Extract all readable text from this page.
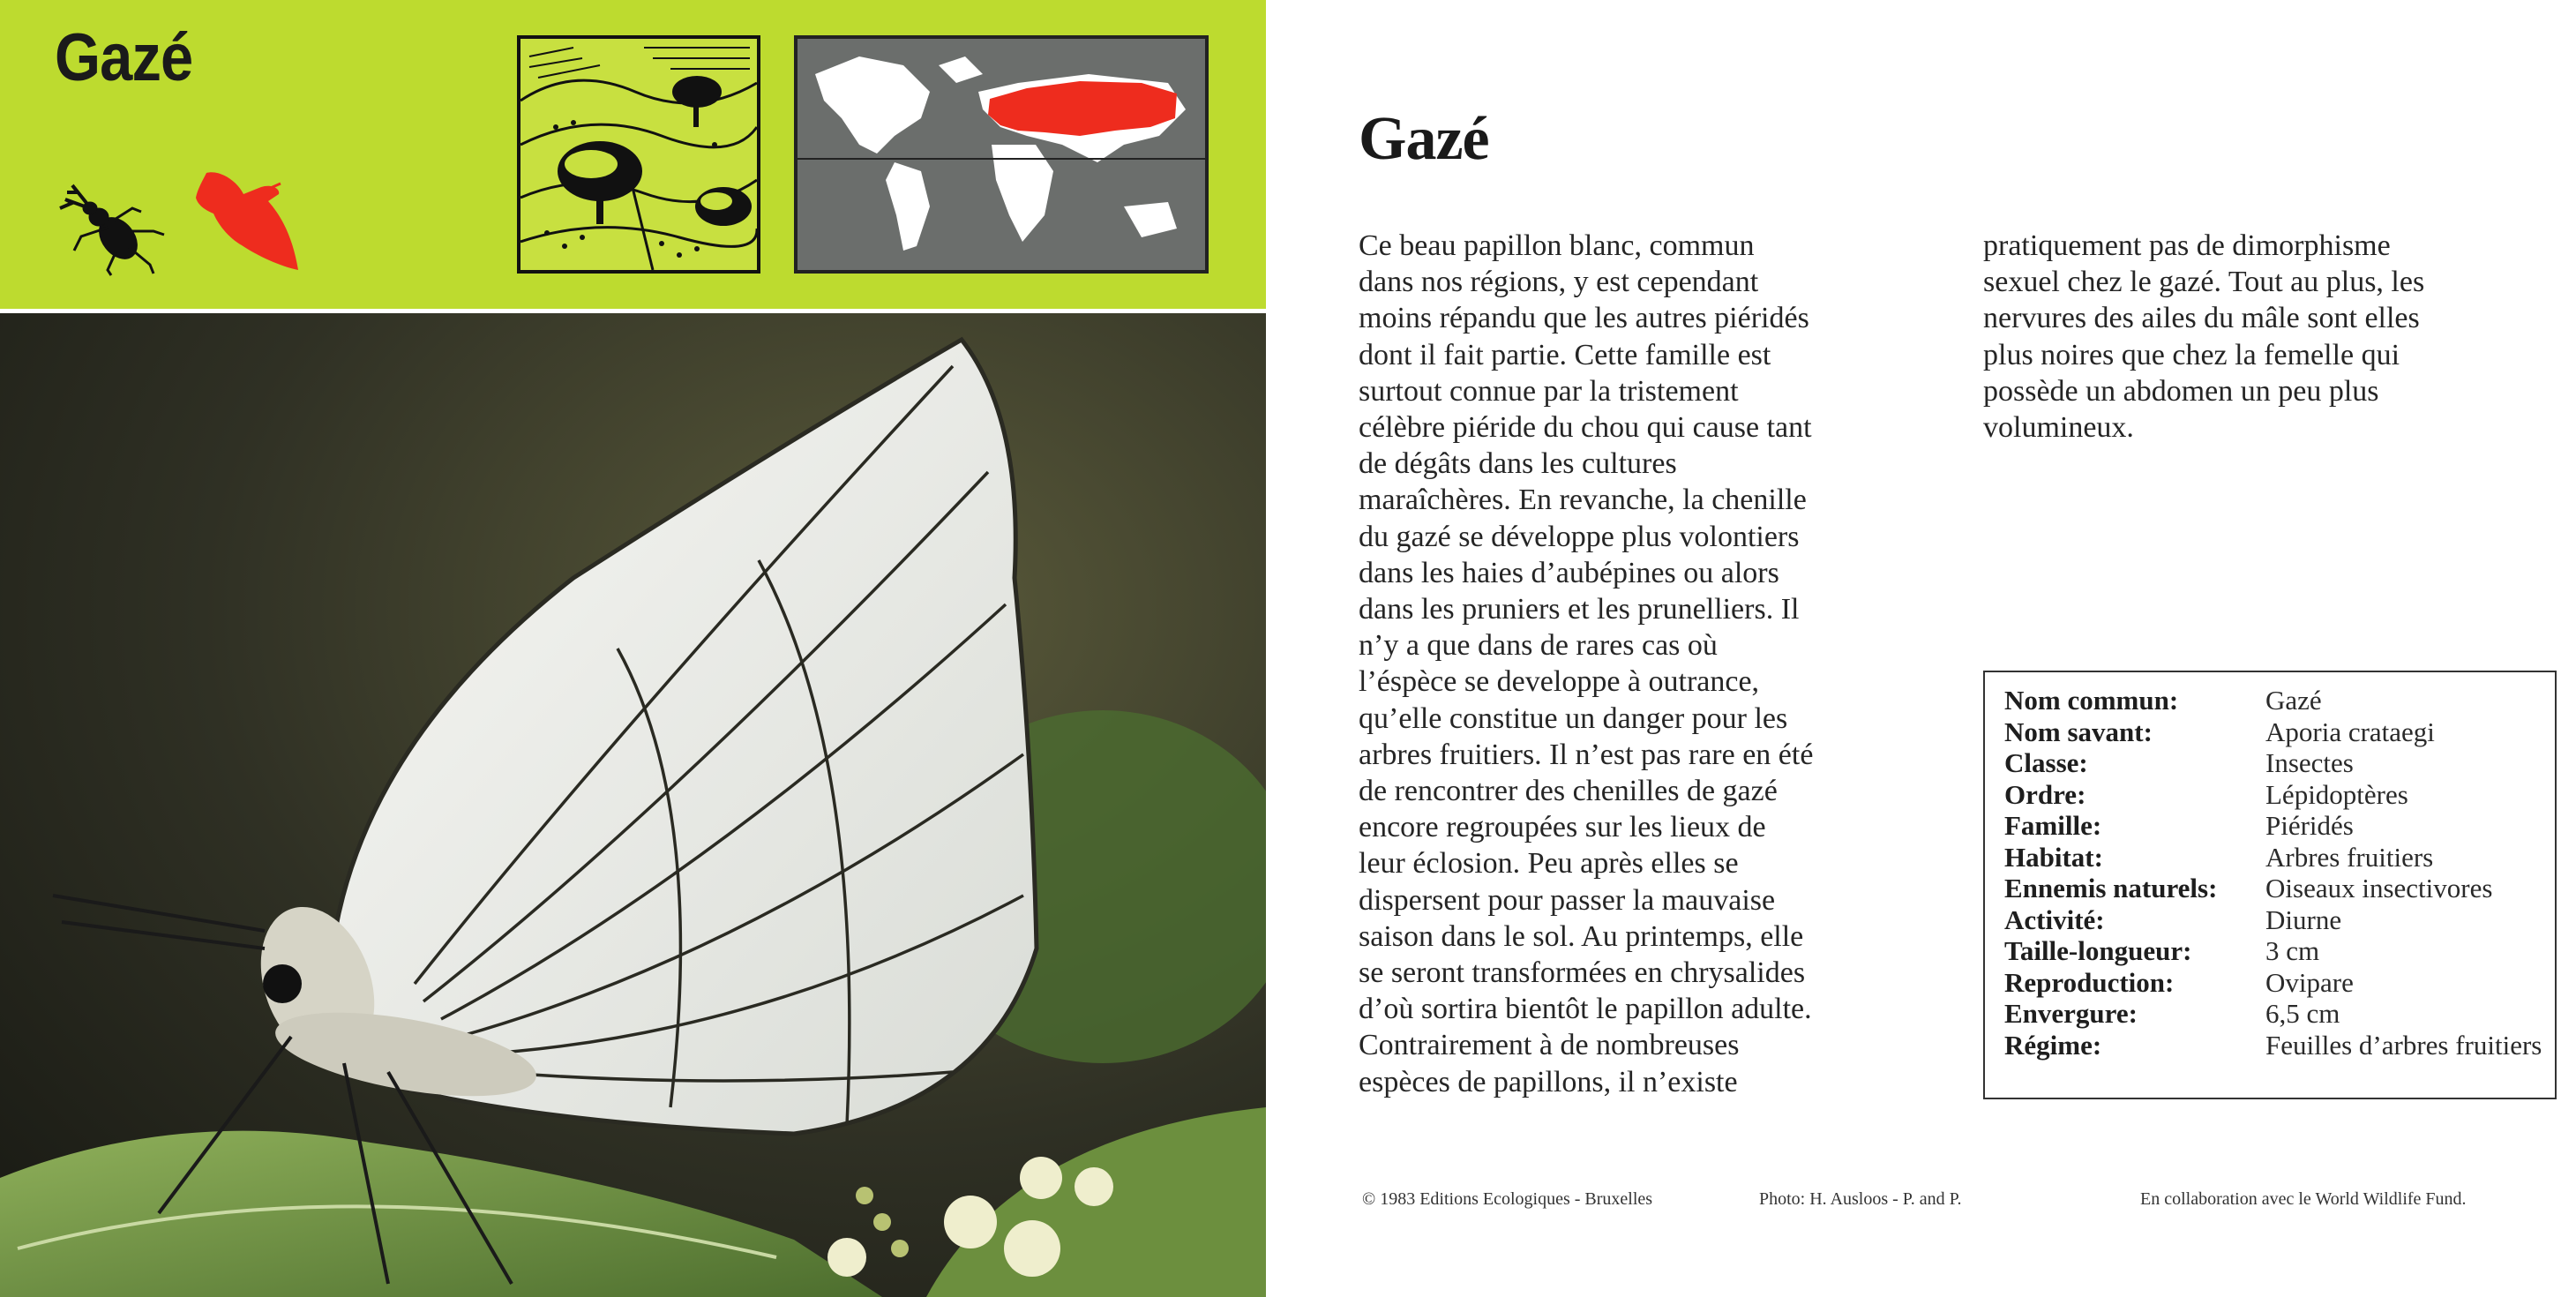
Gazé
Gazé
Ce beau papillon blanc, commun
dans nos régions, y est cependant
moins répandu que les autres piéridés
dont il fait partie. Cette famille est
surtout connue par la tristement
célèbre piéride du chou qui cause tant
de dégâts dans les cultures
maraîchères. En revanche, la chenille
du gazé se développe plus volontiers
dans les haies d’aubépines ou alors
dans les pruniers et les prunelliers. Il
n’y a que dans de rares cas où
l’éspèce se developpe à outrance,
qu’elle constitue un danger pour les
arbres fruitiers. Il n’est pas rare en été
de rencontrer des chenilles de gazé
encore regroupées sur les lieux de
leur éclosion. Peu après elles se
dispersent pour passer la mauvaise
saison dans le sol. Au printemps, elle
se seront transformées en chrysalides
d’où sortira bientôt le papillon adulte.
Contrairement à de nombreuses
espèces de papillons, il n’existe
pratiquement pas de dimorphisme
sexuel chez le gazé. Tout au plus, les
nervures des ailes du mâle sont elles
plus noires que chez la femelle qui
possède un abdomen un peu plus
volumineux.
Nom commun:	Gazé
Nom savant:	Aporia crataegi
Classe:	Insectes
Ordre:	Lépidoptères
Famille:	Piéridés
Habitat:	Arbres fruitiers
Ennemis naturels:	Oiseaux insectivores
Activité:	Diurne
Taille-longueur:	3 cm
Reproduction:	Ovipare
Envergure:	6,5 cm
Régime:	Feuilles d’arbres fruitiers
© 1983 Editions Ecologiques - Bruxelles	Photo: H. Ausloos - P. and P.	En collaboration avec le World Wildlife Fund.
